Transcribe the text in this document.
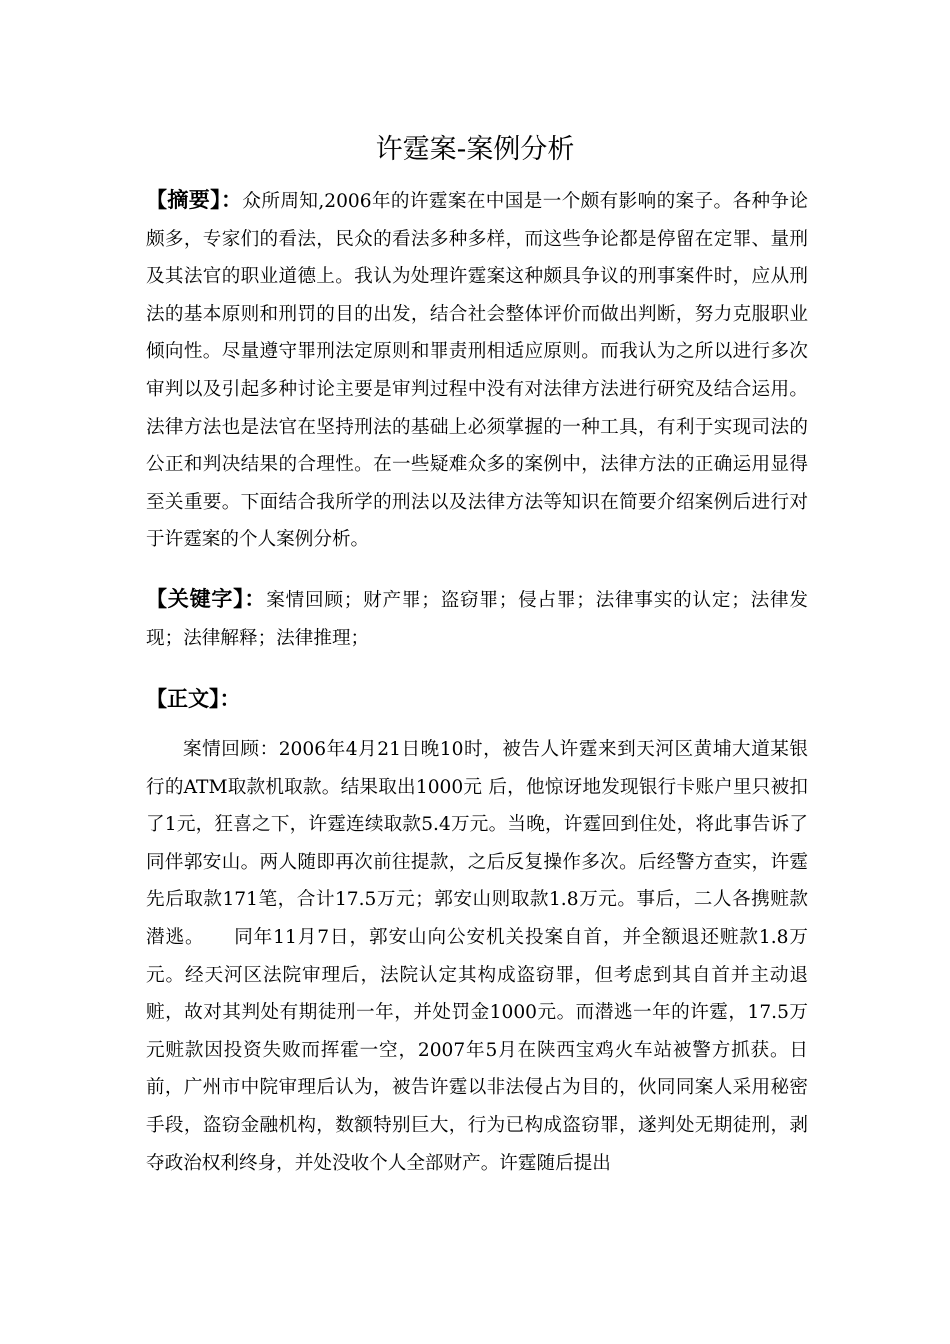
许霆案-案例分析

【摘要】：众所周知,2006年的许霆案在中国是一个颇有影响的案子。各种争论颇多，专家们的看法，民众的看法多种多样，而这些争论都是停留在定罪、量刑及其法官的职业道德上。我认为处理许霆案这种颇具争议的刑事案件时，应从刑法的基本原则和刑罚的目的出发，结合社会整体评价而做出判断，努力克服职业倾向性。尽量遵守罪刑法定原则和罪责刑相适应原则。而我认为之所以进行多次审判以及引起多种讨论主要是审判过程中没有对法律方法进行研究及结合运用。法律方法也是法官在坚持刑法的基础上必须掌握的一种工具，有利于实现司法的公正和判决结果的合理性。在一些疑难众多的案例中，法律方法的正确运用显得至关重要。下面结合我所学的刑法以及法律方法等知识在简要介绍案例后进行对于许霆案的个人案例分析。

【关键字】：案情回顾；财产罪；盗窃罪；侵占罪；法律事实的认定；法律发现；法律解释；法律推理；

【正文】：

案情回顾：2006年4月21日晚10时，被告人许霆来到天河区黄埔大道某银行的ATM取款机取款。结果取出1000元 后，他惊讶地发现银行卡账户里只被扣了1元，狂喜之下，许霆连续取款5.4万元。当晚，许霆回到住处，将此事告诉了同伴郭安山。两人随即再次前往提款，之后反复操作多次。后经警方查实，许霆先后取款171笔，合计17.5万元；郭安山则取款1.8万元。事后，二人各携赃款潜逃。　　同年11月7日，郭安山向公安机关投案自首，并全额退还赃款1.8万元。经天河区法院审理后，法院认定其构成盗窃罪，但考虑到其自首并主动退赃，故对其判处有期徒刑一年，并处罚金1000元。而潜逃一年的许霆，17.5万元赃款因投资失败而挥霍一空，2007年5月在陕西宝鸡火车站被警方抓获。日前，广州市中院审理后认为，被告许霆以非法侵占为目的，伙同同案人采用秘密手段，盗窃金融机构，数额特别巨大，行为已构成盗窃罪，遂判处无期徒刑，剥夺政治权利终身，并处没收个人全部财产。许霆随后提出
